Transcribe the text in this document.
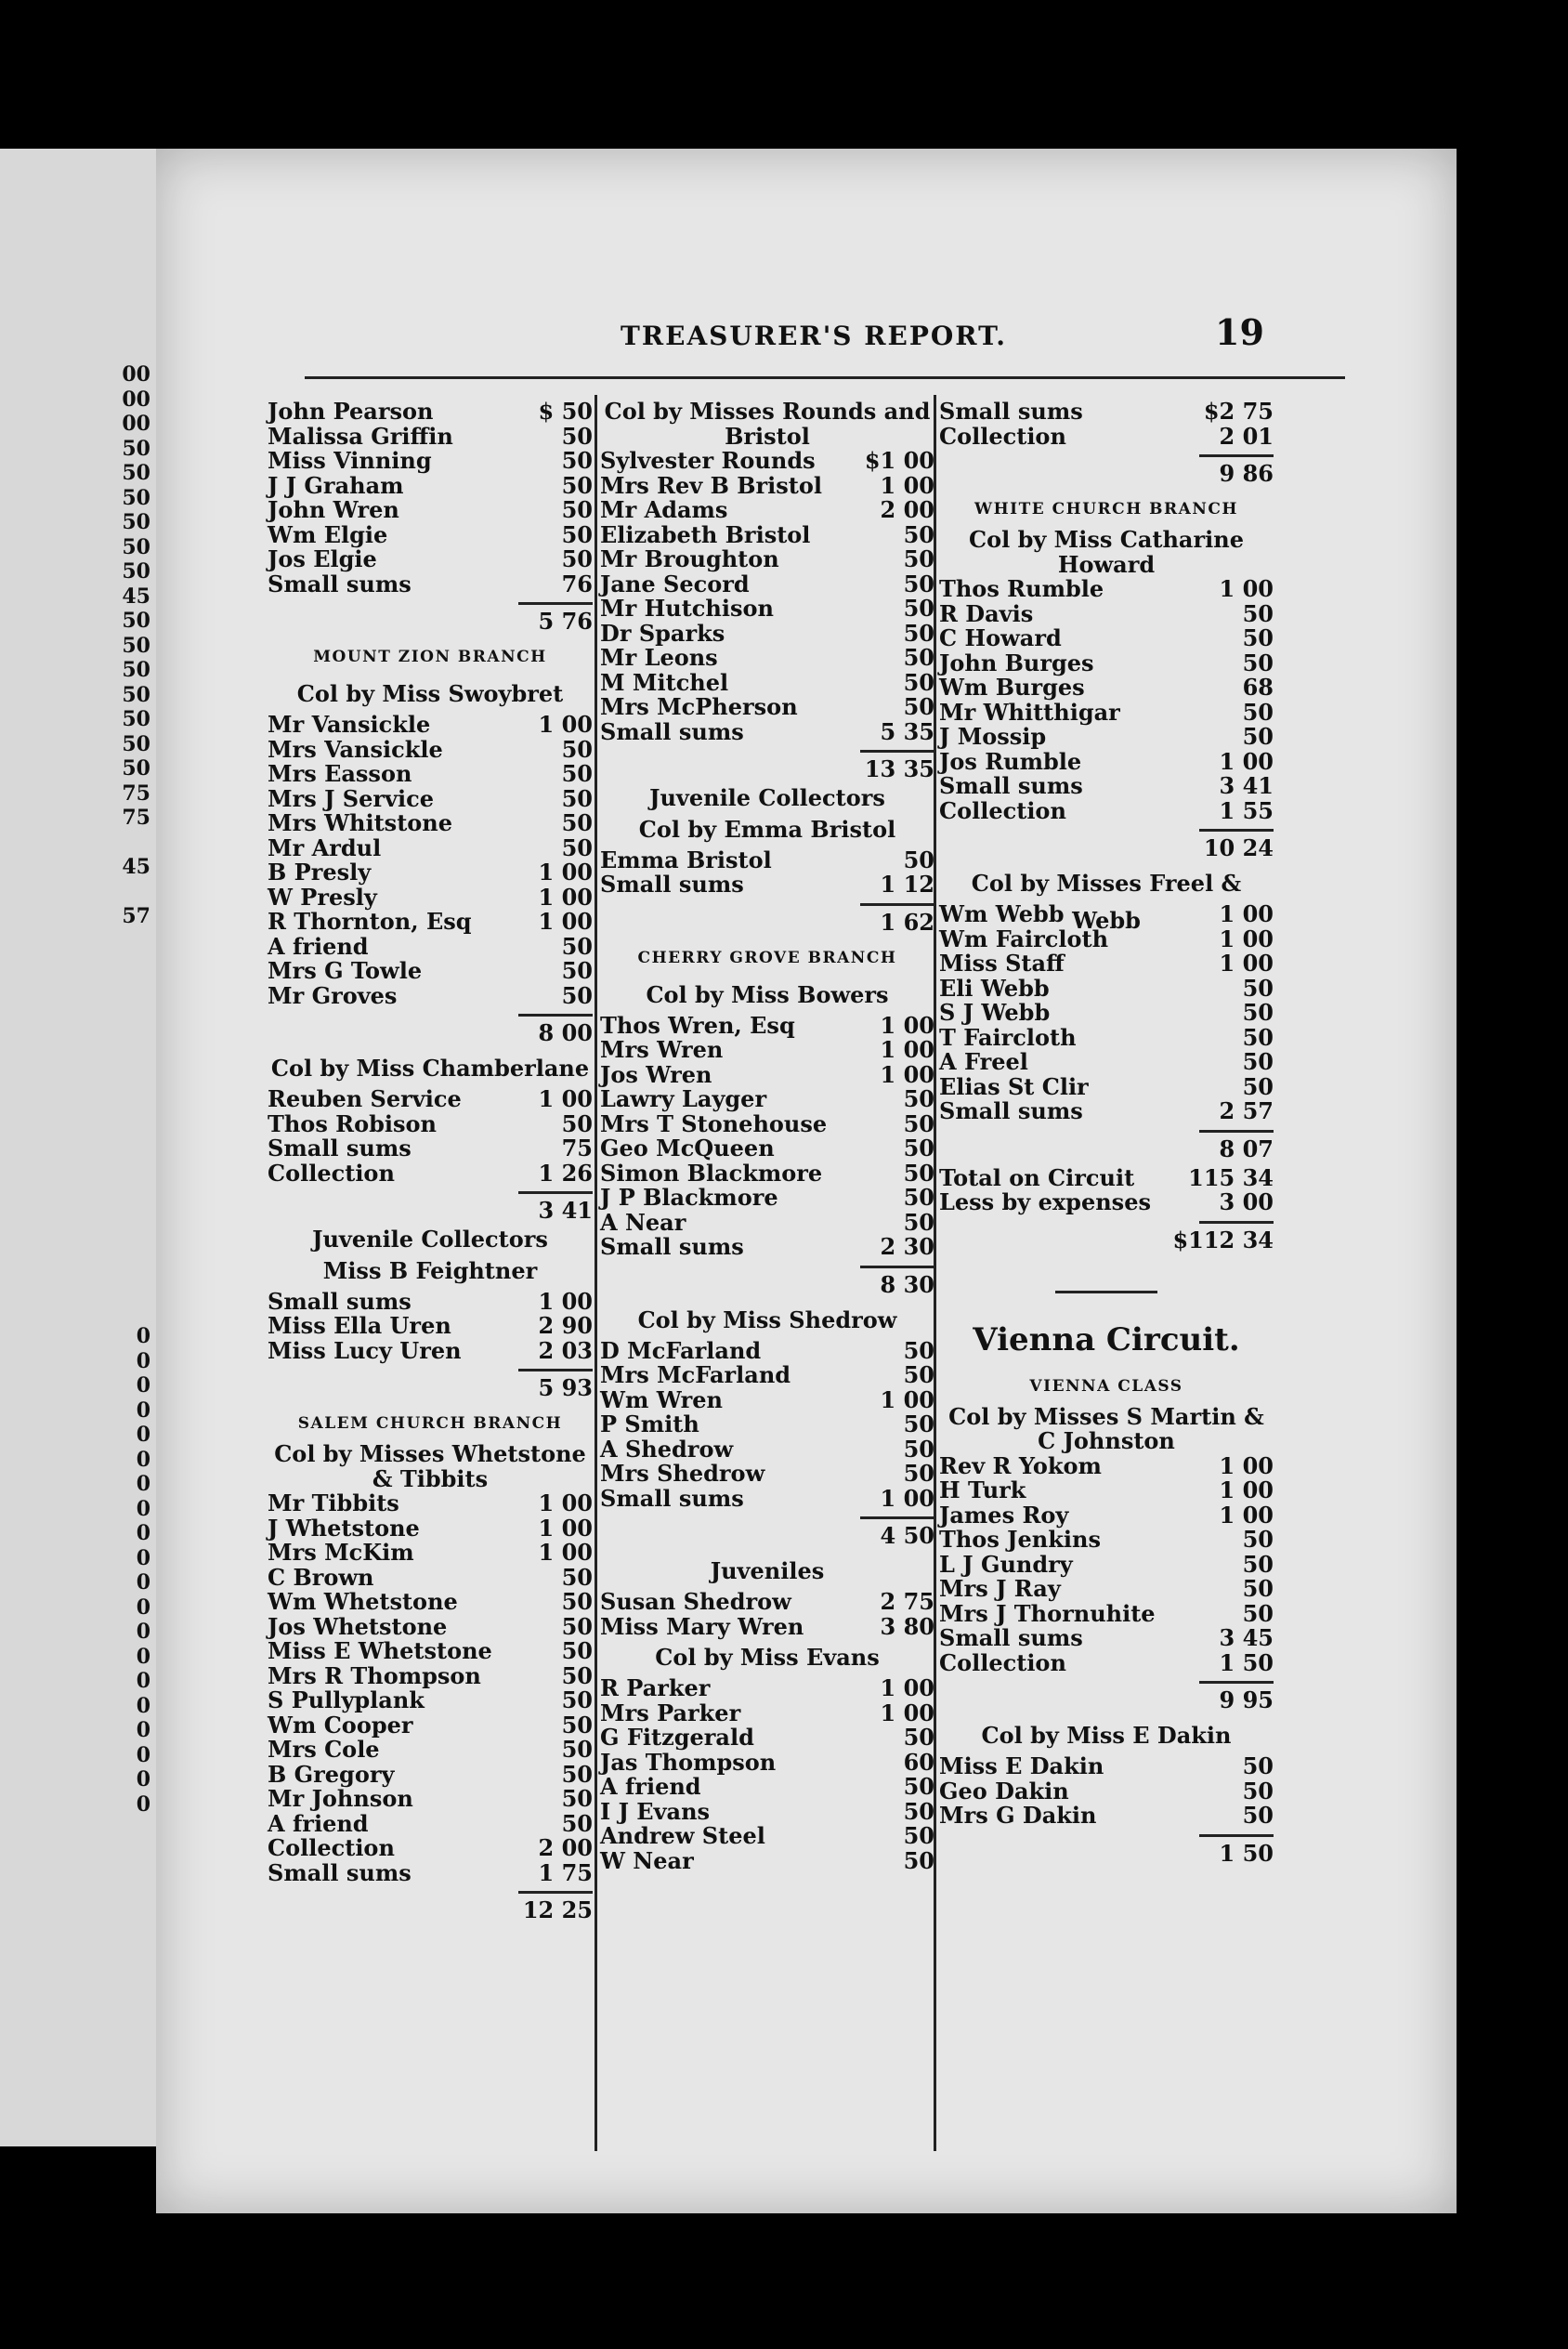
00
00
00
50
50
50
50
50
50
45
50
50
50
50
50
50
50
75
75

45

57
0
0
0
0
0
0
0
0
0
0
0
0
0
0
0
0
0
0
0
0
TREASURER'S REPORT.	19
John Pearson	$ 50
Malissa Griffin	50
Miss Vinning	50
J J Graham	50
John Wren	50
Wm Elgie	50
Jos Elgie	50
Small sums	76
5 76
MOUNT ZION BRANCH
Col by Miss Swoybret
Mr Vansickle	1 00
Mrs Vansickle	50
Mrs Easson	50
Mrs J Service	50
Mrs Whitstone	50
Mr Ardul	50
B Presly	1 00
W Presly	1 00
R Thornton, Esq	1 00
A friend	50
Mrs G Towle	50
Mr Groves	50
8 00
Col by Miss Chamberlane
Reuben Service	1 00
Thos Robison	50
Small sums	75
Collection	1 26
3 41
Juvenile Collectors
Miss B Feightner
Small sums	1 00
Miss Ella Uren	2 90
Miss Lucy Uren	2 03
5 93
SALEM CHURCH BRANCH
Col by Misses Whetstone & Tibbits
Mr Tibbits	1 00
J Whetstone	1 00
Mrs McKim	1 00
C Brown	50
Wm Whetstone	50
Jos Whetstone	50
Miss E Whetstone	50
Mrs R Thompson	50
S Pullyplank	50
Wm Cooper	50
Mrs Cole	50
B Gregory	50
Mr Johnson	50
A friend	50
Collection	2 00
Small sums	1 75
12 25
Col by Misses Rounds and Bristol
Sylvester Rounds $1 00
Mrs Rev B Bristol	1 00
Mr Adams	2 00
Elizabeth Bristol	50
Mr Broughton	50
Jane Secord	50
Mr Hutchison	50
Dr Sparks	50
Mr Leons	50
M Mitchel	50
Mrs McPherson	50
Small sums	5 35
13 35
Juvenile Collectors
Col by Emma Bristol
Emma Bristol	50
Small sums	1 12
1 62
CHERRY GROVE BRANCH
Col by Miss Bowers
Thos Wren, Esq	1 00
Mrs Wren	1 00
Jos Wren	1 00
Lawry Layger	50
Mrs T Stonehouse	50
Geo McQueen	50
Simon Blackmore	50
J P Blackmore	50
A Near	50
Small sums	2 30
8 30
Col by Miss Shedrow
D McFarland	50
Mrs McFarland	50
Wm Wren	1 00
P Smith	50
A Shedrow	50
Mrs Shedrow	50
Small sums	1 00
4 50
Juveniles
Susan Shedrow	2 75
Miss Mary Wren	3 80
Col by Miss Evans
R Parker	1 00
Mrs Parker	1 00
G Fitzgerald	50
Jas Thompson	60
A friend	50
I J Evans	50
Andrew Steel	50
W Near	50
Small sums	$2 75
Collection	2 01
9 86
WHITE CHURCH BRANCH
Col by Miss Catharine Howard
Thos Rumble	1 00
R Davis	50
C Howard	50
John Burges	50
Wm Burges	68
Mr Whitthigar	50
J Mossip	50
Jos Rumble	1 00
Small sums	3 41
Collection	1 55
10 24
Col by Misses Freel & Webb
Wm Webb	1 00
Wm Faircloth	1 00
Miss Staff	1 00
Eli Webb	50
S J Webb	50
T Faircloth	50
A Freel	50
Elias St Clir	50
Small sums	2 57
8 07
Total on Circuit 115 34
Less by expenses	3 00
$112 34
Vienna Circuit.
VIENNA CLASS
Col by Misses S Martin & C Johnston
Rev R Yokom	1 00
H Turk	1 00
James Roy	1 00
Thos Jenkins	50
L J Gundry	50
Mrs J Ray	50
Mrs J Thornuhite	50
Small sums	3 45
Collection	1 50
9 95
Col by Miss E Dakin
Miss E Dakin	50
Geo Dakin	50
Mrs G Dakin	50
1 50
